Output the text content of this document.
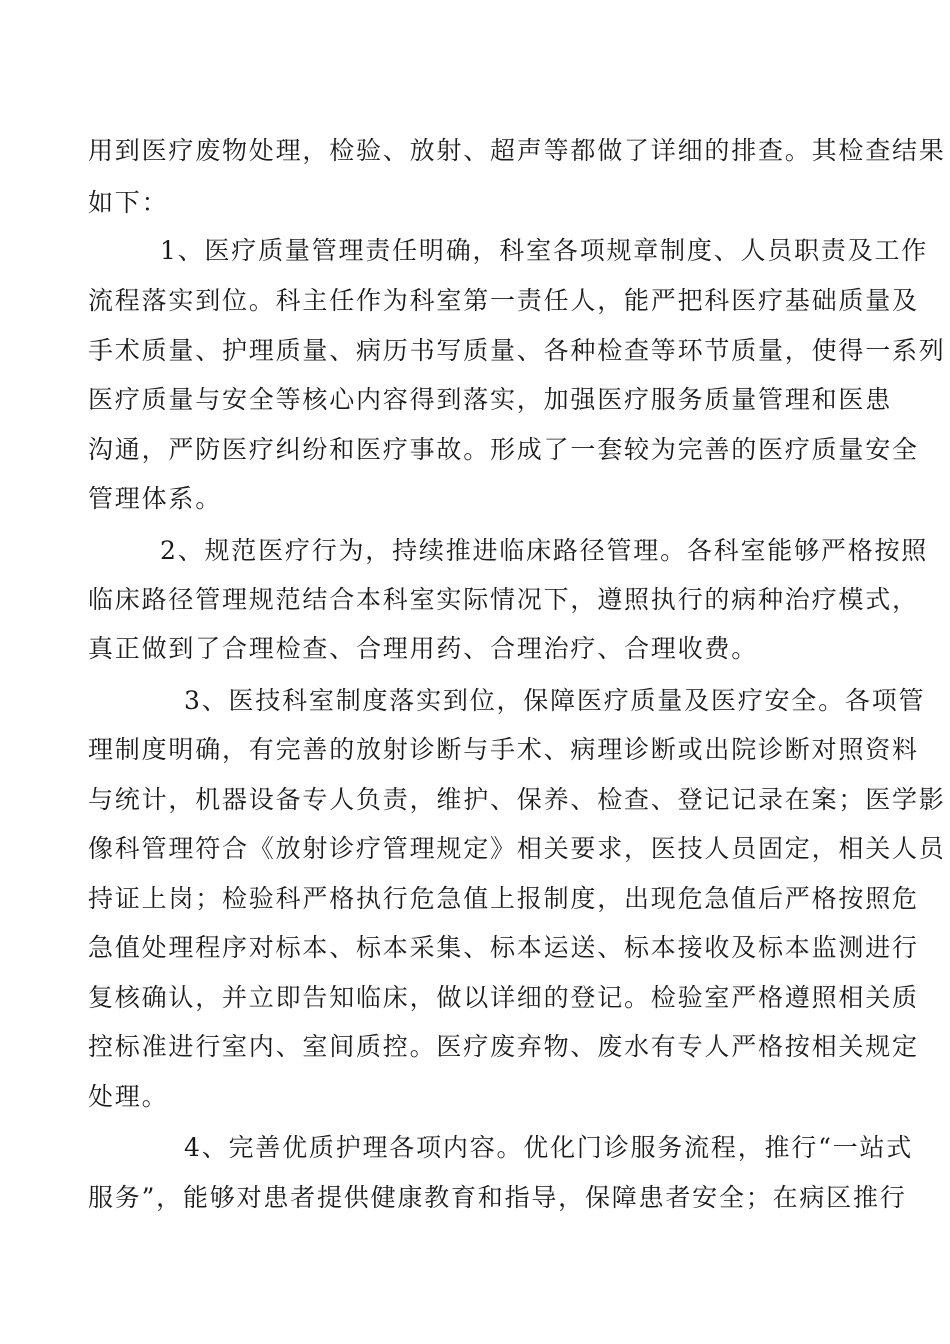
用到医疗废物处理，检验、放射、超声等都做了详细的排查。其检查结果
如下：
1、医疗质量管理责任明确，科室各项规章制度、人员职责及工作
流程落实到位。科主任作为科室第一责任人，能严把科医疗基础质量及
手术质量、护理质量、病历书写质量、各种检查等环节质量，使得一系列
医疗质量与安全等核心内容得到落实，加强医疗服务质量管理和医患
沟通，严防医疗纠纷和医疗事故。形成了一套较为完善的医疗质量安全
管理体系。
2、规范医疗行为，持续推进临床路径管理。各科室能够严格按照
临床路径管理规范结合本科室实际情况下，遵照执行的病种治疗模式，
真正做到了合理检查、合理用药、合理治疗、合理收费。
3、医技科室制度落实到位，保障医疗质量及医疗安全。各项管
理制度明确，有完善的放射诊断与手术、病理诊断或出院诊断对照资料
与统计，机器设备专人负责，维护、保养、检查、登记记录在案；医学影
像科管理符合《放射诊疗管理规定》相关要求，医技人员固定，相关人员
持证上岗；检验科严格执行危急值上报制度，出现危急值后严格按照危
急值处理程序对标本、标本采集、标本运送、标本接收及标本监测进行
复核确认，并立即告知临床，做以详细的登记。检验室严格遵照相关质
控标准进行室内、室间质控。医疗废弃物、废水有专人严格按相关规定
处理。
4、完善优质护理各项内容。优化门诊服务流程，推行“一站式
服务”，能够对患者提供健康教育和指导，保障患者安全；在病区推行
